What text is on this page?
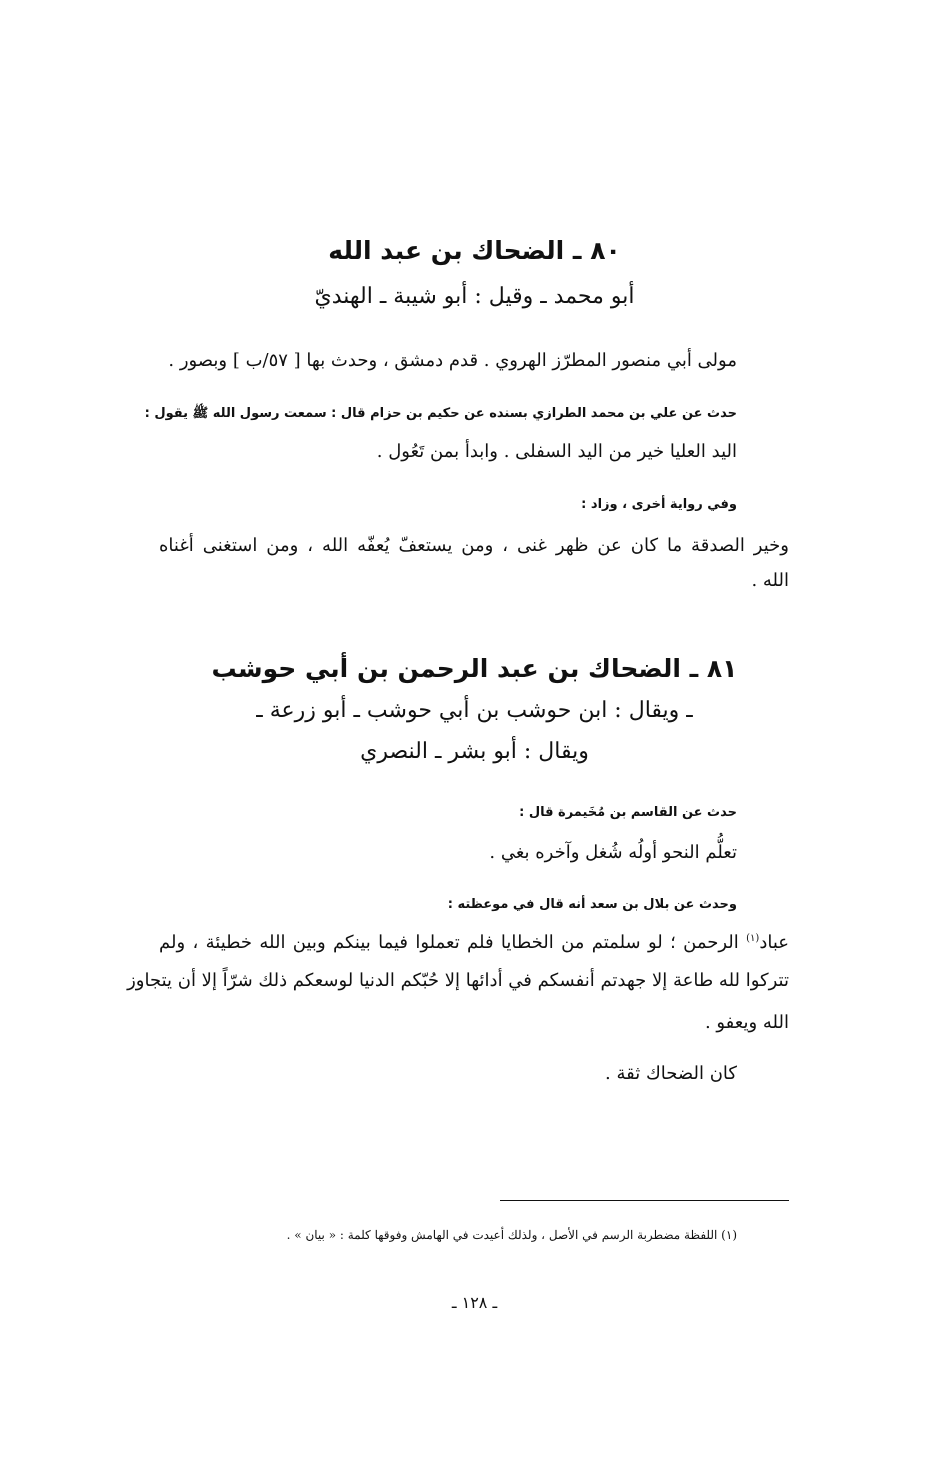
٨٠ ـ الضحاك بن عبد الله
أبو محمد ـ وقيل : أبو شيبة ـ الهنديّ
مولى أبي منصور المطرّز الهروي . قدم دمشق ، وحدث بها [ ٥٧/ب ] وبصور .
حدث عن علي بن محمد الطرازي بسنده عن حكيم بن حزام قال : سمعت رسول الله ﷺ يقول :
اليد العليا خير من اليد السفلى . وابدأ بمن تَعُول .
وفي رواية أخرى ، وزاد :
وخير الصدقة ما كان عن ظهر غنى ، ومن يستعفّ يُعفّه الله ، ومن استغنى أغناه
الله .
٨١ ـ الضحاك بن عبد الرحمن بن أبي حوشب
ـ ويقال : ابن حوشب بن أبي حوشب ـ أبو زرعة ـ
ويقال : أبو بشر ـ النصري
حدث عن القاسم بن مُخَيمرة قال :
تعلُّم النحو أولُه شُغل وآخره بغي .
وحدث عن بلال بن سعد أنه قال في موعظته :
عباد$^{(١)}$ الرحمن ؛ لو سلمتم من الخطايا فلم تعملوا فيما بينكم وبين الله خطيئة ، ولم
تتركوا لله طاعة إلا جهدتم أنفسكم في أدائها إلا حُبّكم الدنيا لوسعكم ذلك شرّاً إلا أن يتجاوز
الله ويعفو .
كان الضحاك ثقة .
(١) اللفظة مضطربة الرسم في الأصل ، ولذلك أعيدت في الهامش وفوقها كلمة : « بيان » .
ـ ١٢٨ ـ
